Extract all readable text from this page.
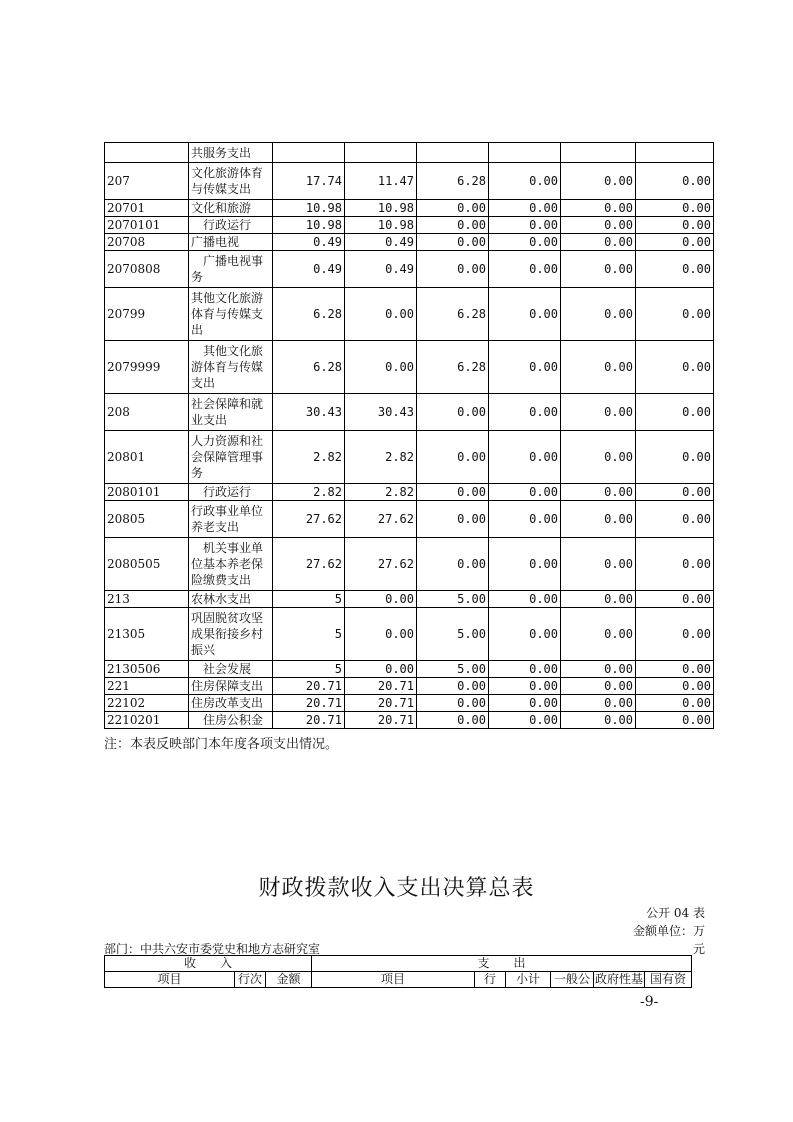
	共服务支出						
207	文化旅游体育与传媒支出	17.74	11.47	6.28	0.00	0.00	0.00
20701	文化和旅游	10.98	10.98	0.00	0.00	0.00	0.00
2070101	行政运行	10.98	10.98	0.00	0.00	0.00	0.00
20708	广播电视	0.49	0.49	0.00	0.00	0.00	0.00
2070808	广播电视事务	0.49	0.49	0.00	0.00	0.00	0.00
20799	其他文化旅游体育与传媒支出	6.28	0.00	6.28	0.00	0.00	0.00
2079999	其他文化旅游体育与传媒支出	6.28	0.00	6.28	0.00	0.00	0.00
208	社会保障和就业支出	30.43	30.43	0.00	0.00	0.00	0.00
20801	人力资源和社会保障管理事务	2.82	2.82	0.00	0.00	0.00	0.00
2080101	行政运行	2.82	2.82	0.00	0.00	0.00	0.00
20805	行政事业单位养老支出	27.62	27.62	0.00	0.00	0.00	0.00
2080505	机关事业单位基本养老保险缴费支出	27.62	27.62	0.00	0.00	0.00	0.00
213	农林水支出	5	0.00	5.00	0.00	0.00	0.00
21305	巩固脱贫攻坚成果衔接乡村振兴	5	0.00	5.00	0.00	0.00	0.00
2130506	社会发展	5	0.00	5.00	0.00	0.00	0.00
221	住房保障支出	20.71	20.71	0.00	0.00	0.00	0.00
22102	住房改革支出	20.71	20.71	0.00	0.00	0.00	0.00
2210201	住房公积金	20.71	20.71	0.00	0.00	0.00	0.00
注：本表反映部门本年度各项支出情况。
财政拨款收入支出决算总表
公开 04 表
金额单位：万
部门：中共六安市委党史和地方志研究室	元
收　　入			支　　出					
项目	行次	金额	项目	行	小计	一般公	政府性基	国有资
-9-
